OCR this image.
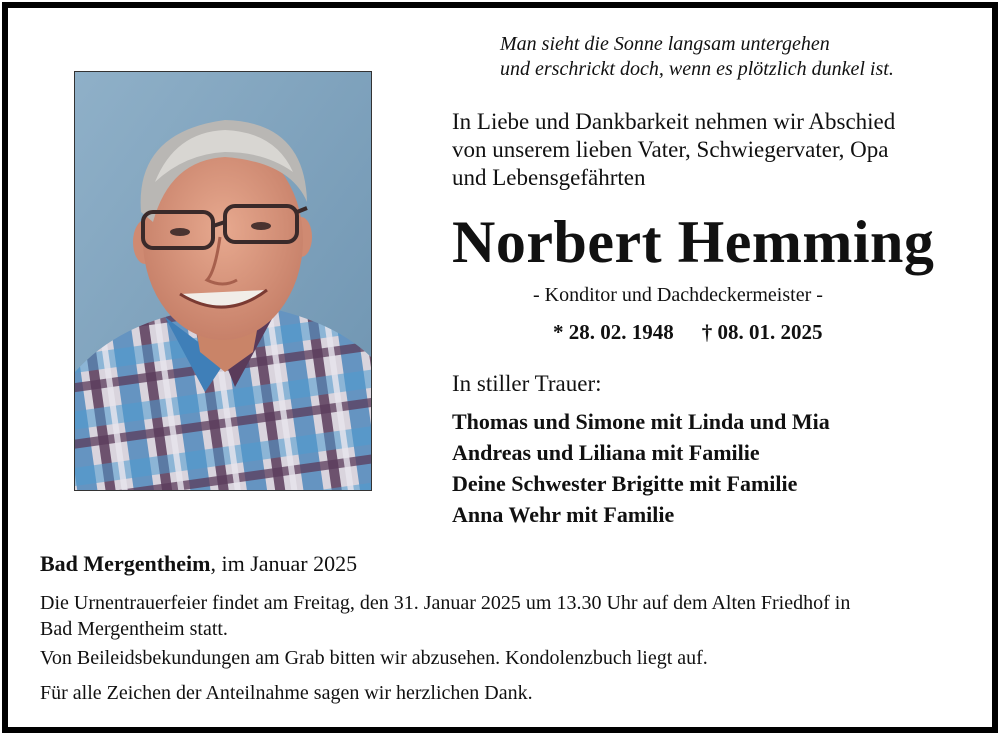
Man sieht die Sonne langsam untergehen
und erschrickt doch, wenn es plötzlich dunkel ist.
In Liebe und Dankbarkeit nehmen wir Abschied
von unserem lieben Vater, Schwiegervater, Opa
und Lebensgefährten
Norbert Hemming
- Konditor und Dachdeckermeister -
* 28. 02. 1948 † 08. 01. 2025
In stiller Trauer:
Thomas und Simone mit Linda und Mia
Andreas und Liliana mit Familie
Deine Schwester Brigitte mit Familie
Anna Wehr mit Familie
Bad Mergentheim, im Januar 2025
Die Urnentrauerfeier findet am Freitag, den 31. Januar 2025 um 13.30 Uhr auf dem Alten Friedhof in
Bad Mergentheim statt.
Von Beileidsbekundungen am Grab bitten wir abzusehen. Kondolenzbuch liegt auf.
Für alle Zeichen der Anteilnahme sagen wir herzlichen Dank.
